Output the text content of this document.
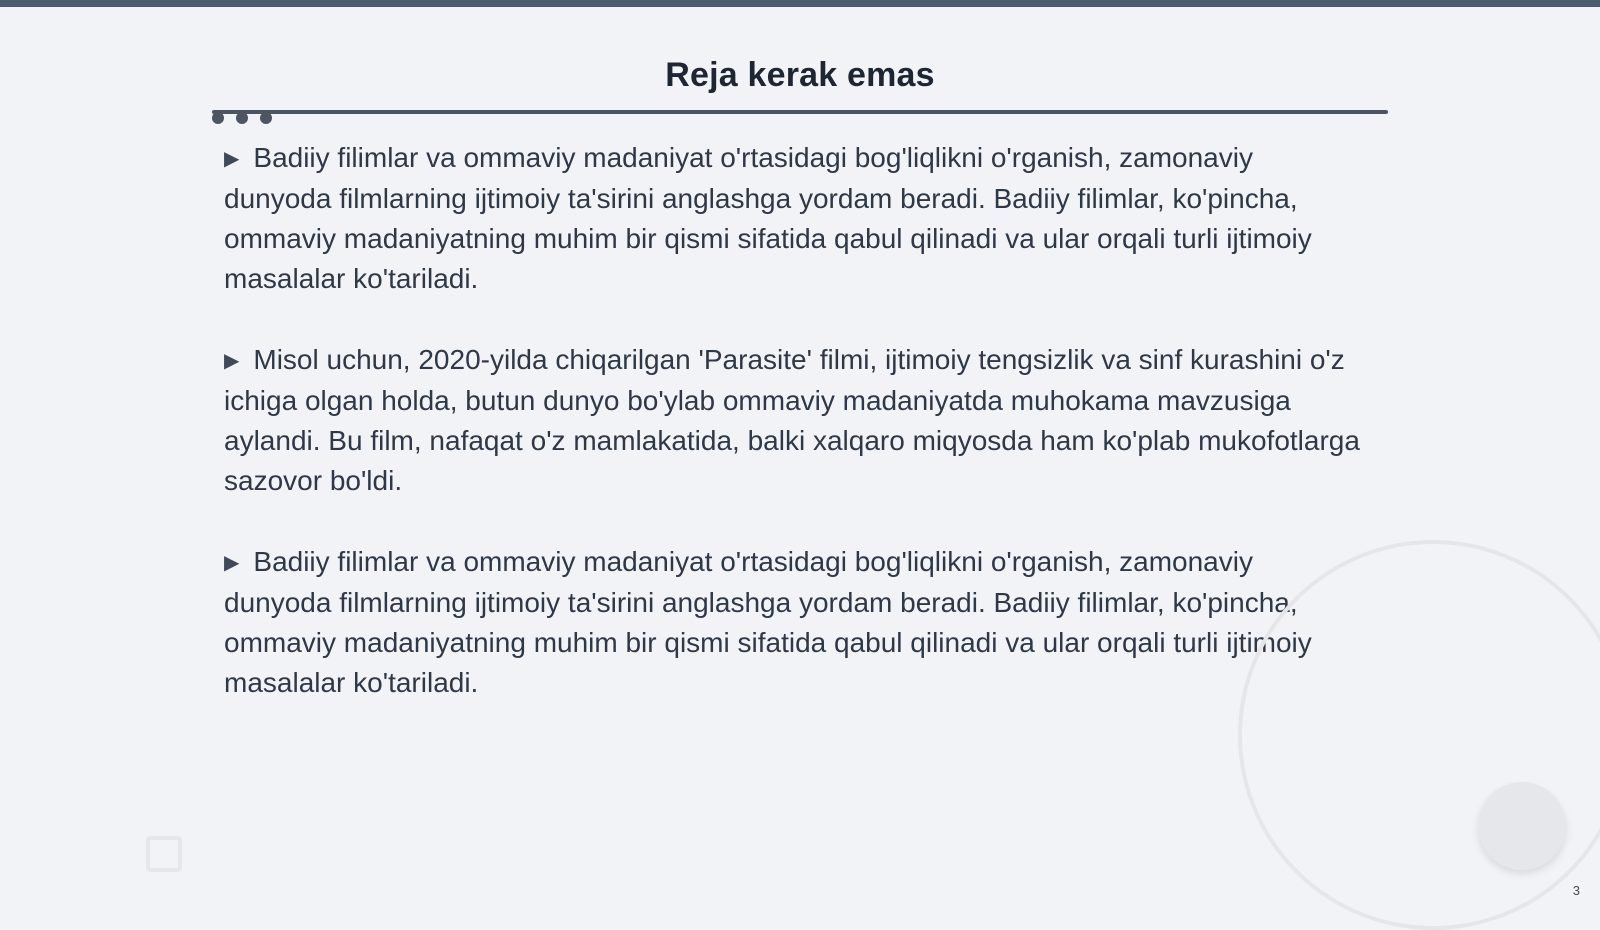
Reja kerak emas

▶ Badiiy filimlar va ommaviy madaniyat o'rtasidagi bog'liqlikni o'rganish, zamonaviy dunyoda filmlarning ijtimoiy ta'sirini anglashga yordam beradi. Badiiy filimlar, ko'pincha, ommaviy madaniyatning muhim bir qismi sifatida qabul qilinadi va ular orqali turli ijtimoiy masalalar ko'tariladi.

▶ Misol uchun, 2020-yilda chiqarilgan 'Parasite' filmi, ijtimoiy tengsizlik va sinf kurashini o'z ichiga olgan holda, butun dunyo bo'ylab ommaviy madaniyatda muhokama mavzusiga aylandi. Bu film, nafaqat o'z mamlakatida, balki xalqaro miqyosda ham ko'plab mukofotlarga sazovor bo'ldi.

▶ Badiiy filimlar va ommaviy madaniyat o'rtasidagi bog'liqlikni o'rganish, zamonaviy dunyoda filmlarning ijtimoiy ta'sirini anglashga yordam beradi. Badiiy filimlar, ko'pincha, ommaviy madaniyatning muhim bir qismi sifatida qabul qilinadi va ular orqali turli ijtimoiy masalalar ko'tariladi.

3
